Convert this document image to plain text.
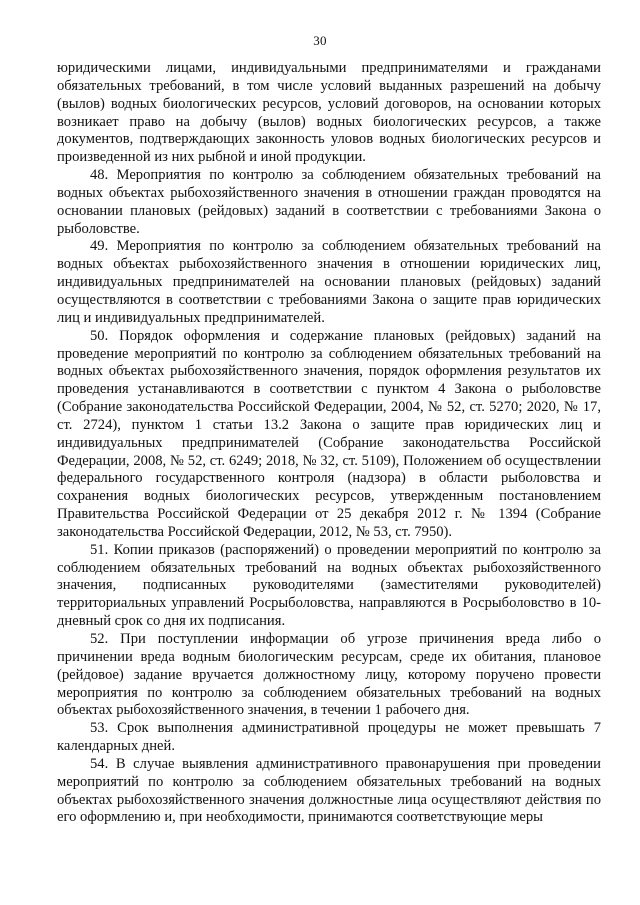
30

юридическими лицами, индивидуальными предпринимателями и гражданами обязательных требований, в том числе условий выданных разрешений на добычу (вылов) водных биологических ресурсов, условий договоров, на основании которых возникает право на добычу (вылов) водных биологических ресурсов, а также документов, подтверждающих законность уловов водных биологических ресурсов и произведенной из них рыбной и иной продукции.

48. Мероприятия по контролю за соблюдением обязательных требований на водных объектах рыбохозяйственного значения в отношении граждан проводятся на основании плановых (рейдовых) заданий в соответствии с требованиями Закона о рыболовстве.

49. Мероприятия по контролю за соблюдением обязательных требований на водных объектах рыбохозяйственного значения в отношении юридических лиц, индивидуальных предпринимателей на основании плановых (рейдовых) заданий осуществляются в соответствии с требованиями Закона о защите прав юридических лиц и индивидуальных предпринимателей.

50. Порядок оформления и содержание плановых (рейдовых) заданий на проведение мероприятий по контролю за соблюдением обязательных требований на водных объектах рыбохозяйственного значения, порядок оформления результатов их проведения устанавливаются в соответствии с пунктом 4 Закона о рыболовстве (Собрание законодательства Российской Федерации, 2004, № 52, ст. 5270; 2020, № 17, ст. 2724), пунктом 1 статьи 13.2 Закона о защите прав юридических лиц и индивидуальных предпринимателей (Собрание законодательства Российской Федерации, 2008, № 52, ст. 6249; 2018, № 32, ст. 5109), Положением об осуществлении федерального государственного контроля (надзора) в области рыболовства и сохранения водных биологических ресурсов, утвержденным постановлением Правительства Российской Федерации от 25 декабря 2012 г. № 1394 (Собрание законодательства Российской Федерации, 2012, № 53, ст. 7950).

51. Копии приказов (распоряжений) о проведении мероприятий по контролю за соблюдением обязательных требований на водных объектах рыбохозяйственного значения, подписанных руководителями (заместителями руководителей) территориальных управлений Росрыболовства, направляются в Росрыболовство в 10-дневный срок со дня их подписания.

52. При поступлении информации об угрозе причинения вреда либо о причинении вреда водным биологическим ресурсам, среде их обитания, плановое (рейдовое) задание вручается должностному лицу, которому поручено провести мероприятия по контролю за соблюдением обязательных требований на водных объектах рыбохозяйственного значения, в течении 1 рабочего дня.

53. Срок выполнения административной процедуры не может превышать 7 календарных дней.

54. В случае выявления административного правонарушения при проведении мероприятий по контролю за соблюдением обязательных требований на водных объектах рыбохозяйственного значения должностные лица осуществляют действия по его оформлению и, при необходимости, принимаются соответствующие меры
